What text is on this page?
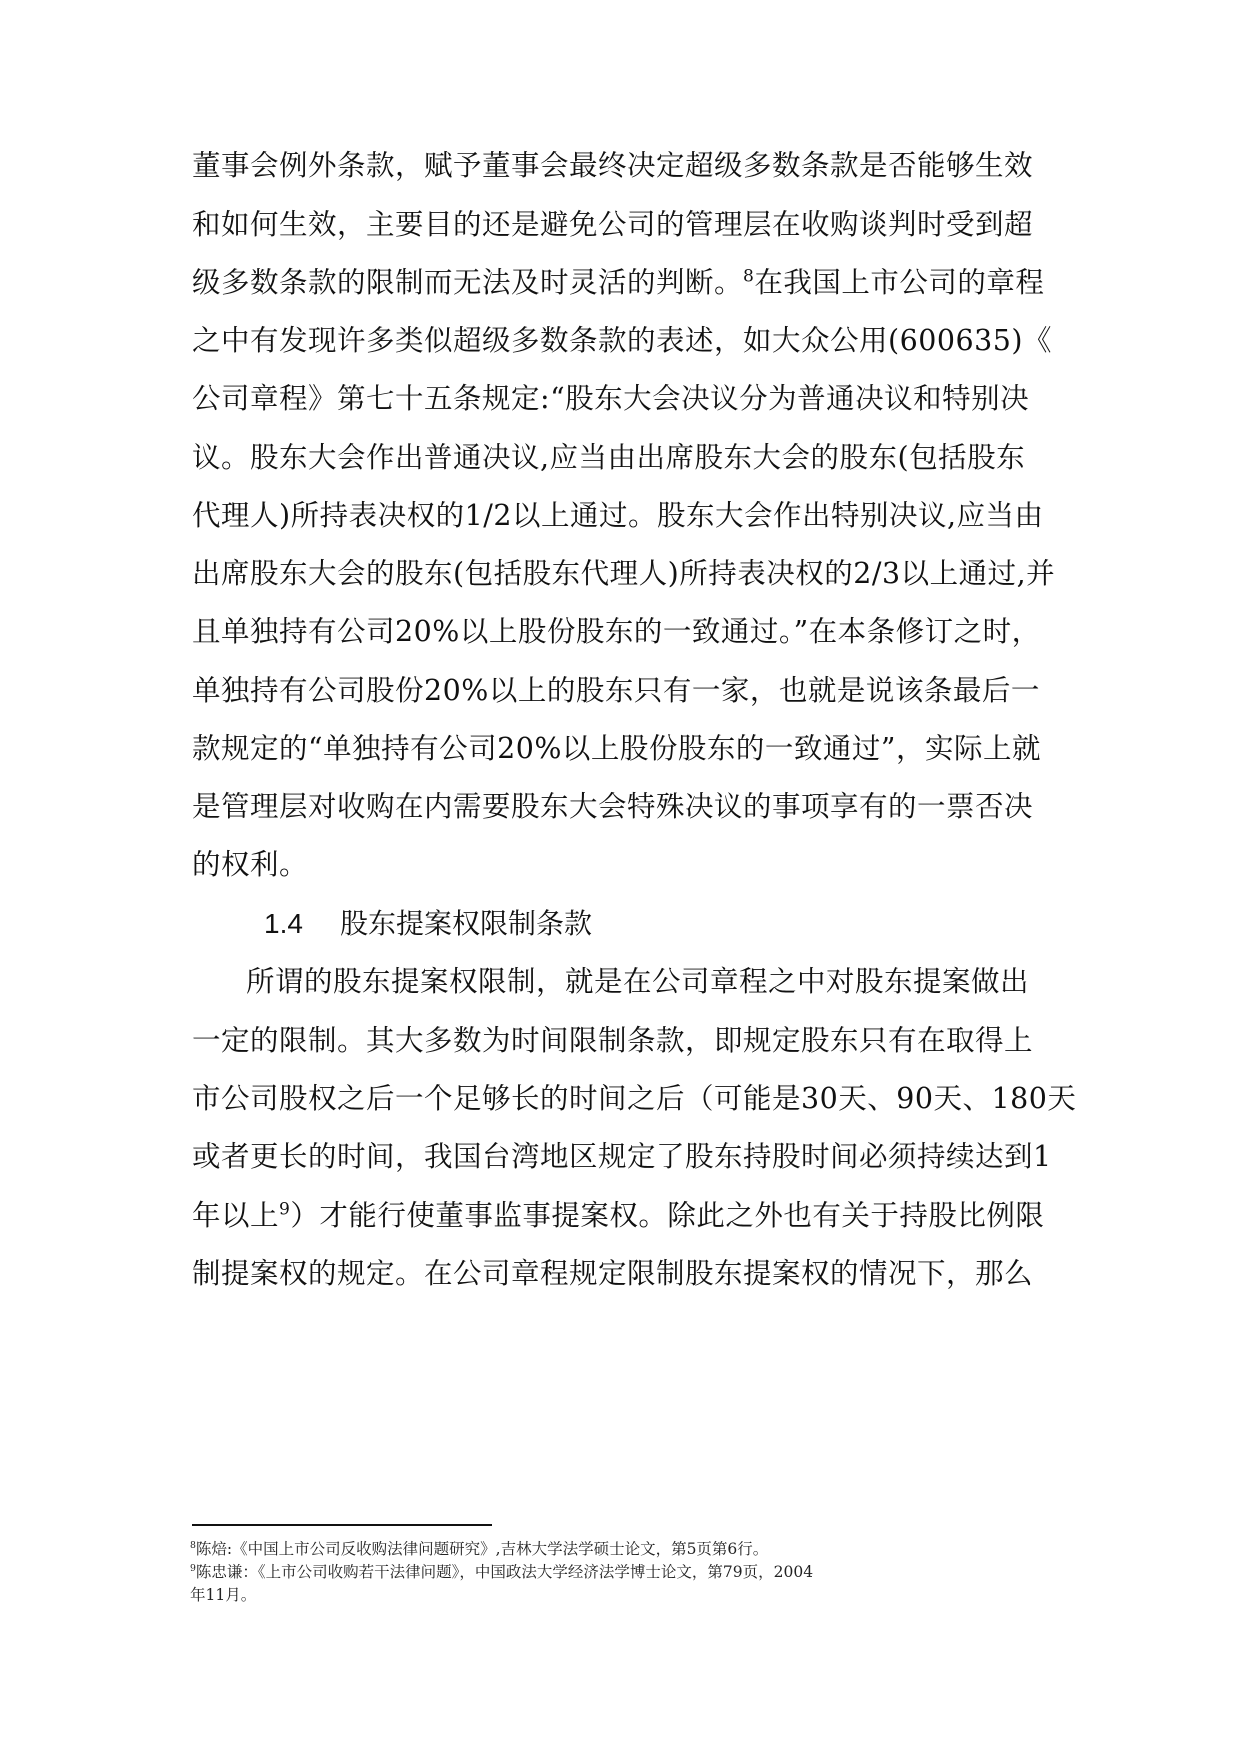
董事会例外条款，赋予董事会最终决定超级多数条款是否能够生效
和如何生效，主要目的还是避免公司的管理层在收购谈判时受到超
级多数条款的限制而无法及时灵活的判断。$^8$在我国上市公司的章程
之中有发现许多类似超级多数条款的表述，如大众公用(600635)《
公司章程》第七十五条规定:“股东大会决议分为普通决议和特别决
议。股东大会作出普通决议,应当由出席股东大会的股东(包括股东
代理人)所持表决权的1/2以上通过。股东大会作出特别决议,应当由
出席股东大会的股东(包括股东代理人)所持表决权的2/3以上通过,并
且单独持有公司20%以上股份股东的一致通过。”在本条修订之时，
单独持有公司股份20%以上的股东只有一家，也就是说该条最后一
款规定的“单独持有公司20%以上股份股东的一致通过”，实际上就
是管理层对收购在内需要股东大会特殊决议的事项享有的一票否决
的权利。
1.4 股东提案权限制条款
所谓的股东提案权限制，就是在公司章程之中对股东提案做出
一定的限制。其大多数为时间限制条款，即规定股东只有在取得上
市公司股权之后一个足够长的时间之后（可能是30天、90天、180天
或者更长的时间，我国台湾地区规定了股东持股时间必须持续达到1
年以上$^9$）才能行使董事监事提案权。除此之外也有关于持股比例限
制提案权的规定。在公司章程规定限制股东提案权的情况下，那么
$^8$陈焙:《中国上市公司反收购法律问题研究》,吉林大学法学硕士论文，第5页第6行。
$^9$陈忠谦：《上市公司收购若干法律问题》，中国政法大学经济法学博士论文，第79页，2004
年11月。
